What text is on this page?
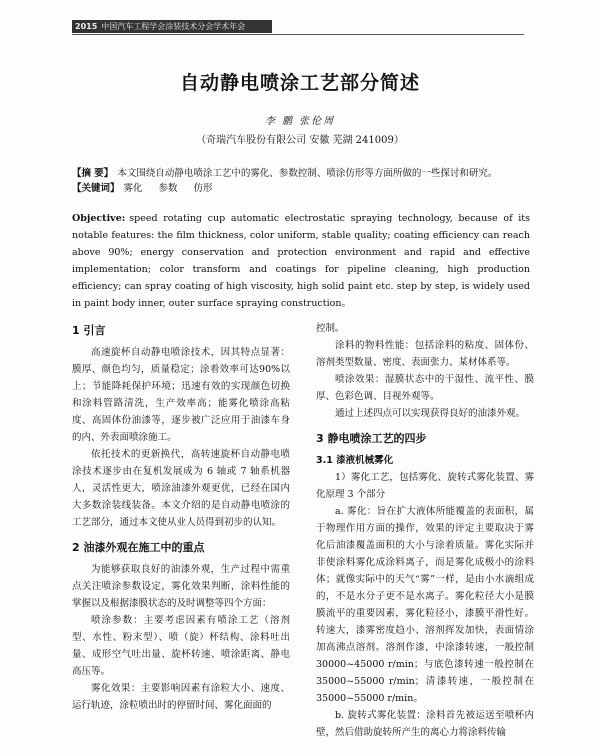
2015 中国汽车工程学会涂装技术分会学术年会
自动静电喷涂工艺部分简述
李 鹏 张伦周
（奇瑞汽车股份有限公司 安徽 芜湖 241009）
【摘 要】 本文围绕自动静电喷涂工艺中的雾化、参数控制、喷涂仿形等方面所做的一些探讨和研究。
【关键词】 雾化 参数 仿形
Objective: speed rotating cup automatic electrostatic spraying technology, because of its notable features: the film thickness, color uniform, stable quality; coating efficiency can reach above 90%; energy conservation and protection environment and rapid and effective implementation; color transform and coatings for pipeline cleaning, high production efficiency; can spray coating of high viscosity, high solid paint etc. step by step, is widely used in paint body inner, outer surface spraying construction。
1 引言

高速旋杯自动静电喷涂技术，因其特点显著：膜厚、颜色均匀，质量稳定；涂着效率可达90%以上；节能降耗保护环境；迅速有效的实现颜色切换和涂料管路清洗，生产效率高；能雾化喷涂高粘度、高固体份油漆等，逐步被广泛应用于油漆车身的内、外表面喷涂施工。

依托技术的更新换代，高转速旋杯自动静电喷涂技术逐步由在复机发展成为 6 轴或 7 轴系机器人，灵活性更大，喷涂油漆外观更优，已经在国内大多数涂装线装备。本文介绍的是自动静电喷涂的工艺部分，通过本文使从业人员得到初步的认知。

2 油漆外观在施工中的重点

为能够获取良好的油漆外观，生产过程中需重点关注喷涂参数设定，雾化效果判断，涂料性能的掌握以及根据漆膜状态的及时调整等四个方面：

喷涂参数：主要考虑因素有喷涂工艺（溶剂型、水性、粉末型）、喷（旋）杯结构、涂料吐出量、成形空气吐出量、旋杯转速、喷涂距离、静电高压等。

雾化效果：主要影响因素有涂粒大小、速度、运行轨迹，涂粒喷出时的停留时间、雾化面面的

控制。

涂料的物料性能：包括涂料的粘度、固体份、溶剂类型数量、密度、表面张力、某材体系等。

喷涂效果：湿膜状态中的干湿性、流平性、膜厚、色彩色调、目视外观等。

通过上述四点可以实现获得良好的油漆外观。

3 静电喷涂工艺的四步
3.1 漆液机械雾化

1）雾化工艺，包括雾化、旋转式雾化装置、雾化原理 3 个部分

a. 雾化：旨在扩大液体所能覆盖的表面积，属于物理作用方面的操作，效果的评定主要取决于雾化后油漆覆盖面积的大小与涂着质量。雾化实际并非使涂料雾化成涂料离子，而是雾化成极小的涂料体；就像实际中的天气“雾”一样，是由小水滴组成的，不是水分子更不是水离子。雾化粒径大小是膜膜流平的重要因素，雾化粒径小，漆膜平滑性好。转速大，漆雾密度趋小、溶剂挥发加快，表面情涂加高沸点溶剂。溶剂作漆，中涂漆转速，一般控制 30000~45000 r/min；与底色漆转速一般控制在 35000~55000 r/min；清漆转速，一般控制在 35000~55000 r/min。

b. 旋转式雾化装置：涂料首先被运送至喷杯内壁，然后借助旋转所产生的离心力将涂料传输
